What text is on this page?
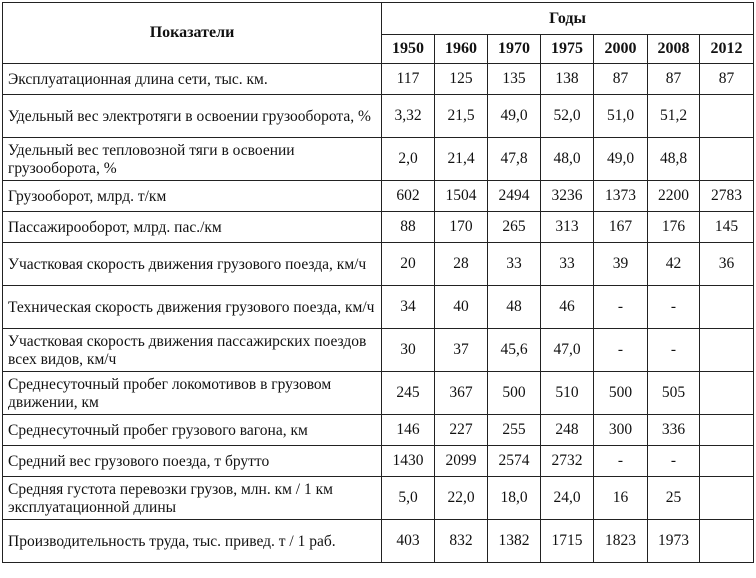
Показатели	Годы						
	1950	1960	1970	1975	2000	2008	2012
Эксплуатационная длина сети, тыс. км.	117	125	135	138	87	87	87
Удельный вес электротяги в освоении грузооборота, %	3,32	21,5	49,0	52,0	51,0	51,2	
Удельный вес тепловозной тяги в освоении грузооборота, %	2,0	21,4	47,8	48,0	49,0	48,8	
Грузооборот, млрд. т/км	602	1504	2494	3236	1373	2200	2783
Пассажирооборот, млрд. пас./км	88	170	265	313	167	176	145
Участковая скорость движения грузового поезда, км/ч	20	28	33	33	39	42	36
Техническая скорость движения грузового поезда, км/ч	34	40	48	46	-	-	
Участковая скорость движения пассажирских поездов всех видов, км/ч	30	37	45,6	47,0	-	-	
Среднесуточный пробег локомотивов в грузовом движении, км	245	367	500	510	500	505	
Среднесуточный пробег грузового вагона, км	146	227	255	248	300	336	
Средний вес грузового поезда, т брутто	1430	2099	2574	2732	-	-	
Средняя густота перевозки грузов, млн. км / 1 км эксплуатационной длины	5,0	22,0	18,0	24,0	16	25	
Производительность труда, тыс. привед. т / 1 раб.	403	832	1382	1715	1823	1973	
